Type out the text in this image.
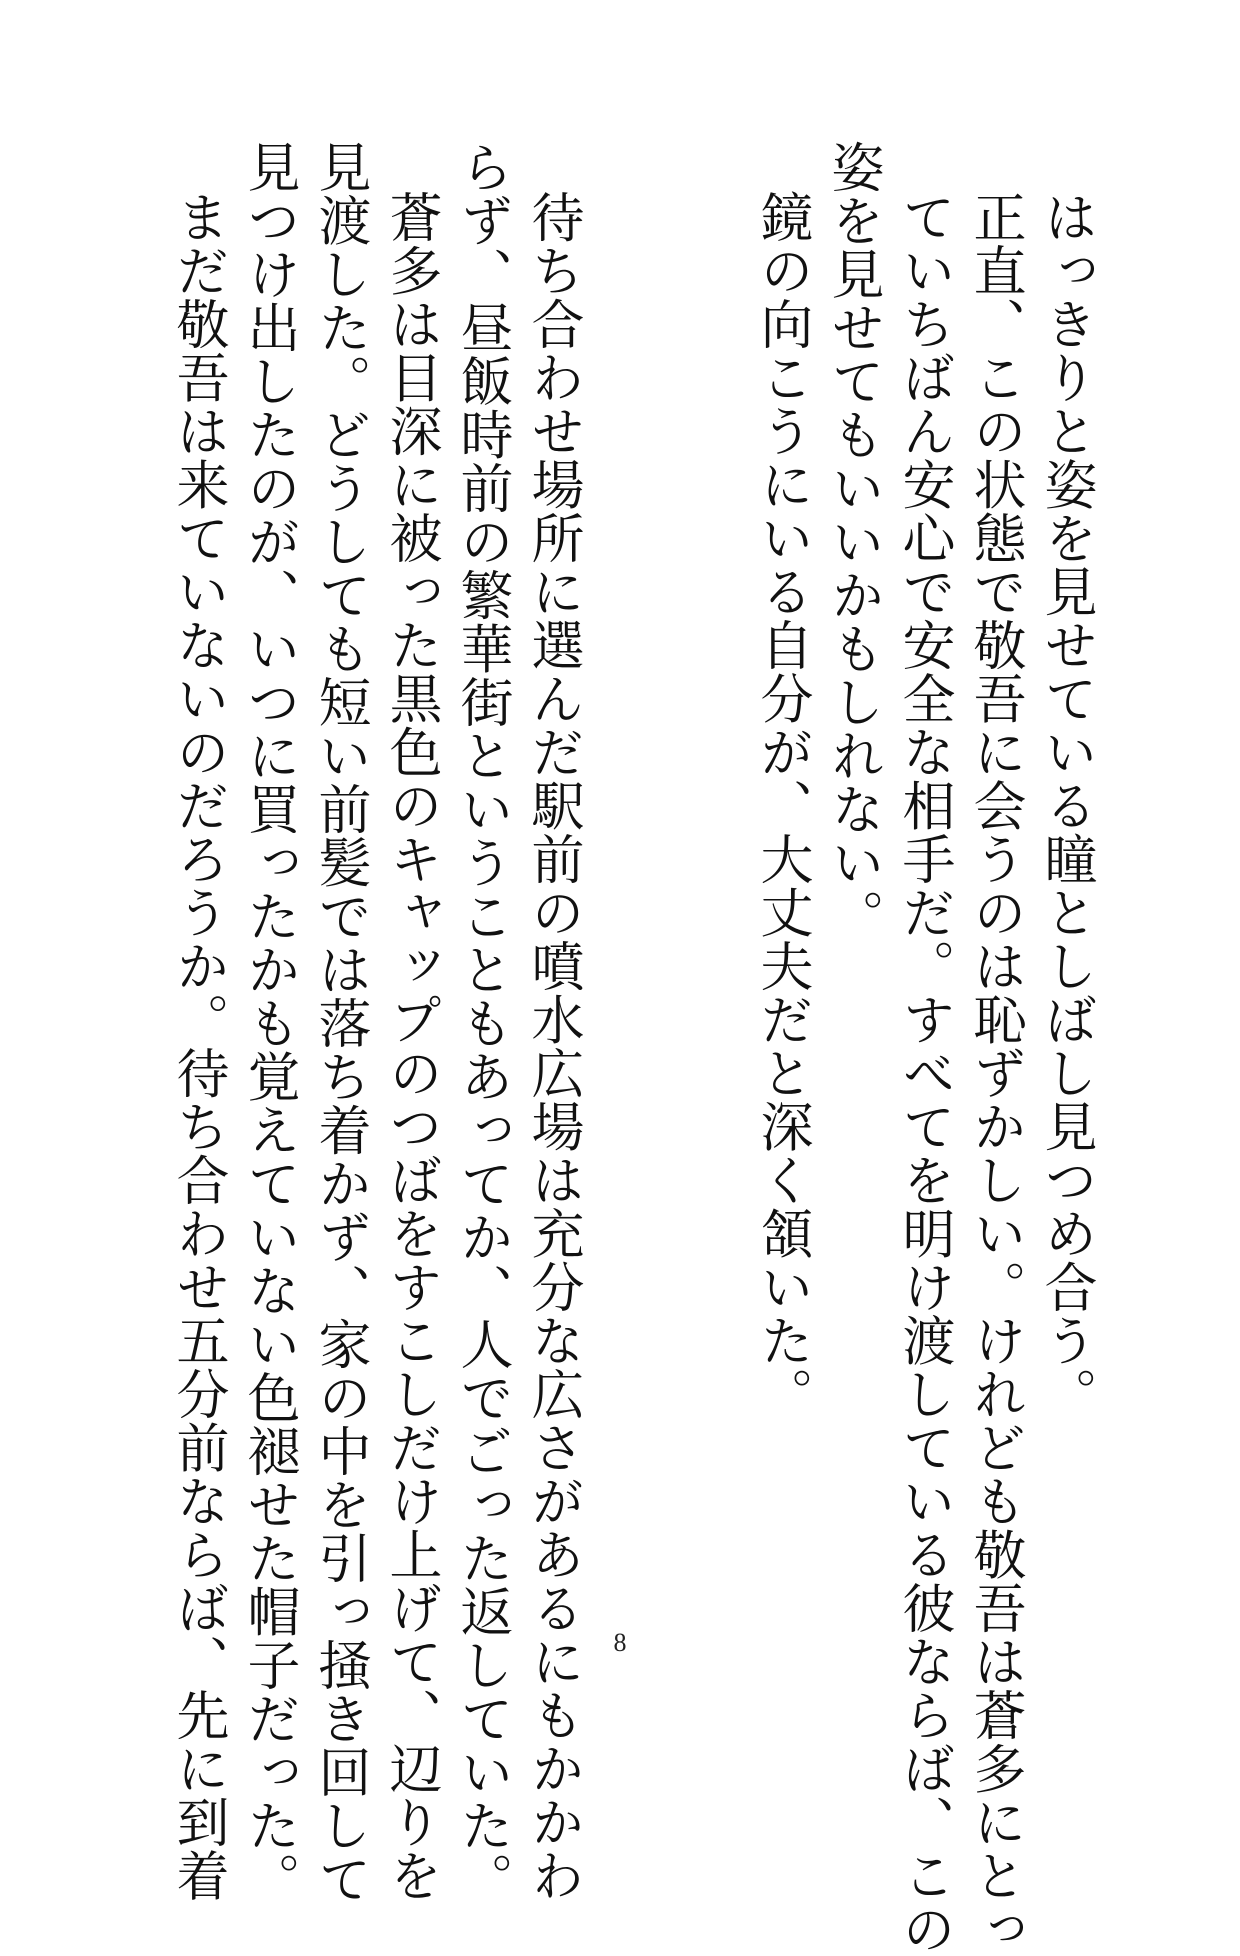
はっきりと姿を見せている瞳としばし見つめ合う。
正直、この状態で敬吾に会うのは恥ずかしい。けれども敬吾は蒼多にとっ
ていちばん安心で安全な相手だ。すべてを明け渡している彼ならば、この
姿を見せてもいいかもしれない。
鏡の向こうにいる自分が、大丈夫だと深く頷いた。
待ち合わせ場所に選んだ駅前の噴水広場は充分な広さがあるにもかかわ
らず、昼飯時前の繁華街ということもあってか、人でごった返していた。
蒼多は目深に被った黒色のキャップのつばをすこしだけ上げて、辺りを
見渡した。どうしても短い前髪では落ち着かず、家の中を引っ掻き回して
見つけ出したのが、いつに買ったかも覚えていない色褪せた帽子だった。
まだ敬吾は来ていないのだろうか。待ち合わせ五分前ならば、先に到着	8
